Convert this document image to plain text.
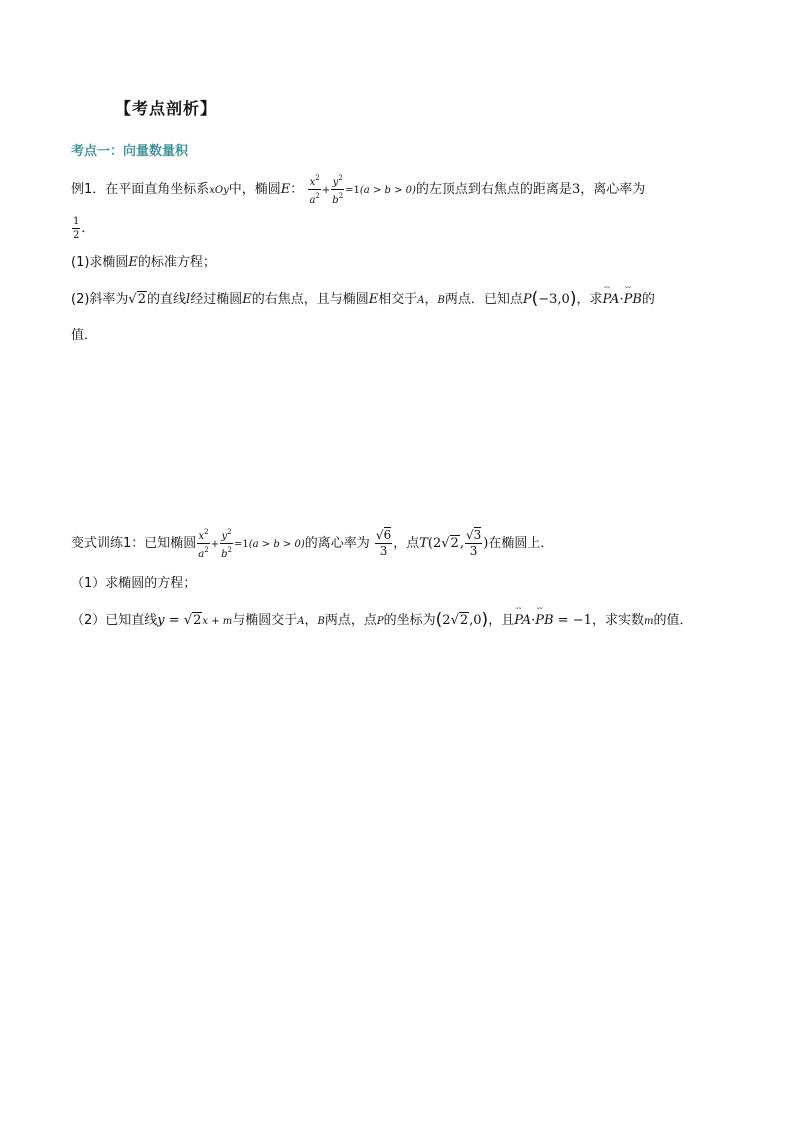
【考点剖析】
考点一：向量数量积
例1．在平面直角坐标系xOy中，椭圆E： $\frac{x^2}{a^2} + \frac{y^2}{b^2} =1(a > b > 0)$的左顶点到右焦点的距离是3，离心率为
$\frac{1}{2}$ ．
(1)求椭圆E的标准方程；
(2)斜率为√2的直线l经过椭圆E的右焦点，且与椭圆E相交于A，B两点．已知点P(−3,0)，求˘˘ PA·˘˘ PB的
值．
变式训练1：已知椭圆 $\frac{x^2}{a^2} + \frac{y^2}{b^2} =1(a > b > 0)$的离心率为 $\frac{√6}{3}$ ，点T(2√2, $\frac{√3}{3}$ )在椭圆上．
（1）求椭圆的方程；
（2）已知直线y = √2x + m与椭圆交于A，B两点，点P的坐标为(2√2,0)，且˘˘ PA·˘˘ PB = −1，求实数m的值．
